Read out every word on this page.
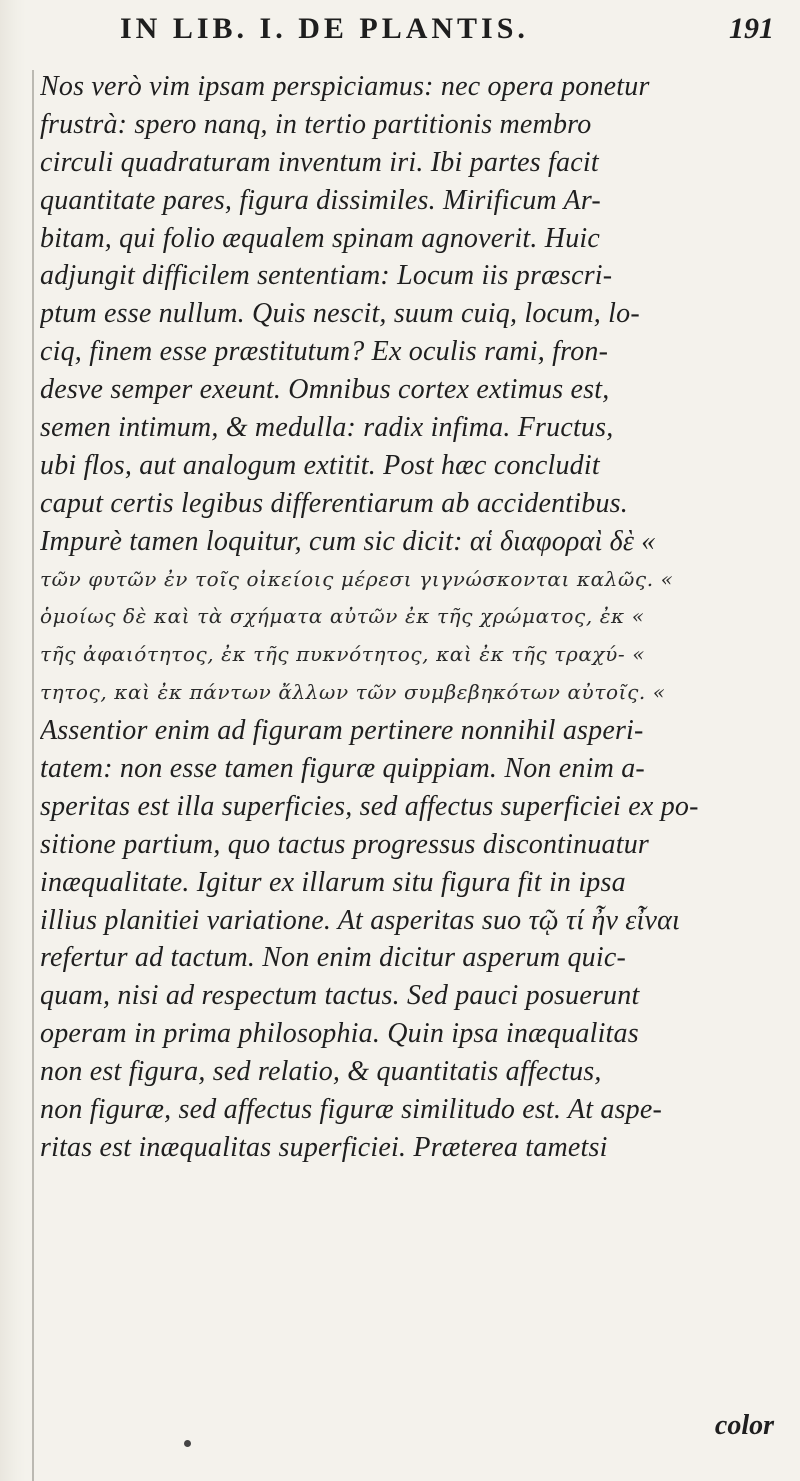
IN LIB. I. DE PLANTIS.	191
Nos verò vim ipsam perspiciamus: nec opera ponetur
frustrà: spero nanq, in tertio partitionis membro
circuli quadraturam inventum iri. Ibi partes facit
quantitate pares, figura dissimiles. Mirificum Ar-
bitam, qui folio æqualem spinam agnoverit. Huic
adjungit difficilem sententiam: Locum iis præscri-
ptum esse nullum. Quis nescit, suum cuiq, locum, lo-
ciq, finem esse præstitutum? Ex oculis rami, fron-
desve semper exeunt. Omnibus cortex extimus est,
semen intimum, & medulla: radix infima. Fructus,
ubi flos, aut analogum extitit. Post hæc concludit
caput certis legibus differentiarum ab accidentibus.
Impurè tamen loquitur, cum sic dicit: αἱ διαφοραὶ δὲ «
τῶν φυτῶν ἐν τοῖς οἰκείοις μέρεσι γιγνώσκονται καλῶς. «
ὁμοίως δὲ καὶ τὰ σχήματα αὐτῶν ἐκ τῆς χρώματος, ἐκ «
τῆς ἀφαιότητος, ἐκ τῆς πυκνότητος, καὶ ἐκ τῆς τραχύ- «
τητος, καὶ ἐκ πάντων ἄλλων τῶν συμβεβηκότων αὐτοῖς. «
Assentior enim ad figuram pertinere nonnihil asperi-
tatem: non esse tamen figuræ quippiam. Non enim a-
speritas est illa superficies, sed affectus superficiei ex po-
sitione partium, quo tactus progressus discontinuatur
inæqualitate. Igitur ex illarum situ figura fit in ipsa
illius planitiei variatione. At asperitas suo τῷ τί ἦν εἶναι
refertur ad tactum. Non enim dicitur asperum quic-
quam, nisi ad respectum tactus. Sed pauci posuerunt
operam in prima philosophia. Quin ipsa inæqualitas
non est figura, sed relatio, & quantitatis affectus,
non figuræ, sed affectus figuræ similitudo est. At aspe-
ritas est inæqualitas superficiei. Præterea tametsi
color
